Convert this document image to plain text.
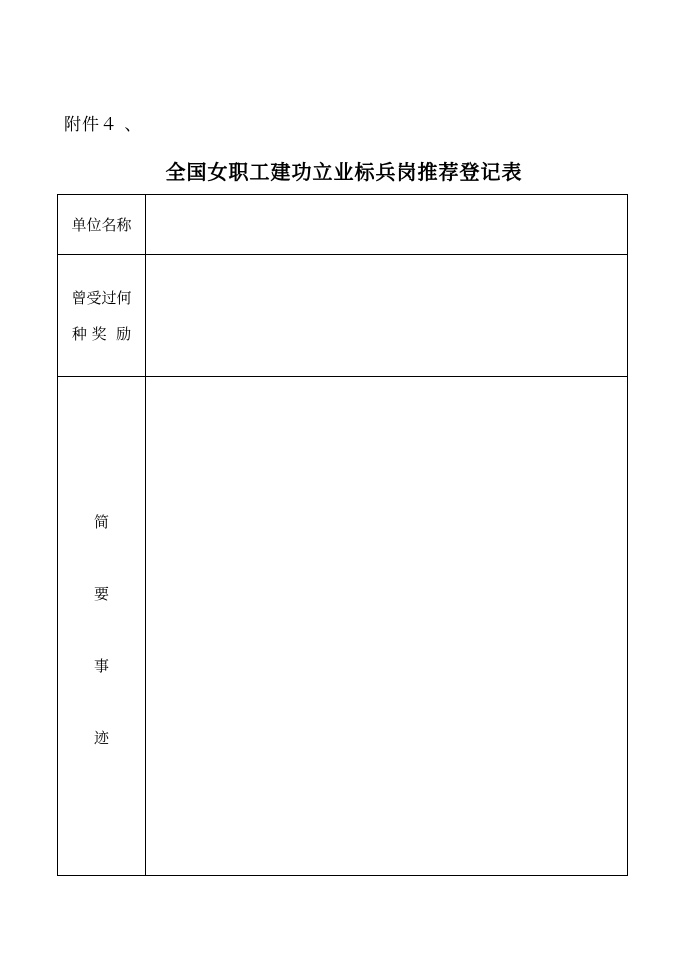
附件４ 、
全国女职工建功立业标兵岗推荐登记表
单位名称	

曾受过何
种 奖  励	

简
要
事
迹	
